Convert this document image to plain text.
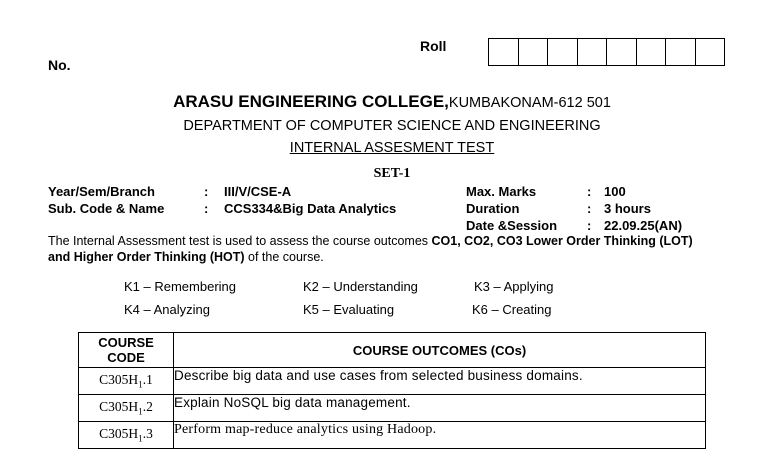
Roll
No.
ARASU ENGINEERING COLLEGE,KUMBAKONAM-612 501
DEPARTMENT OF COMPUTER SCIENCE AND ENGINEERING
INTERNAL ASSESMENT TEST
SET-1
Year/Sem/Branch	: III/V/CSE-A
Sub. Code & Name	: CCS334&Big Data Analytics
Max. Marks	: 100
Duration	: 3 hours
Date &Session : 22.09.25(AN)
The Internal Assessment test is used to assess the course outcomes CO1, CO2, CO3 Lower Order Thinking (LOT)
and Higher Order Thinking (HOT) of the course.
K1 – Remembering	K2 – Understanding	K3 – Applying
K4 – Analyzing	K5 – Evaluating	K6 – Creating
COURSE
CODE	COURSE OUTCOMES (COs)
$C305H_1.1$	Describe big data and use cases from selected business domains.
$C305H_1.2$	Explain NoSQL big data management.
$C305H_1.3$	Perform map-reduce analytics using Hadoop.
